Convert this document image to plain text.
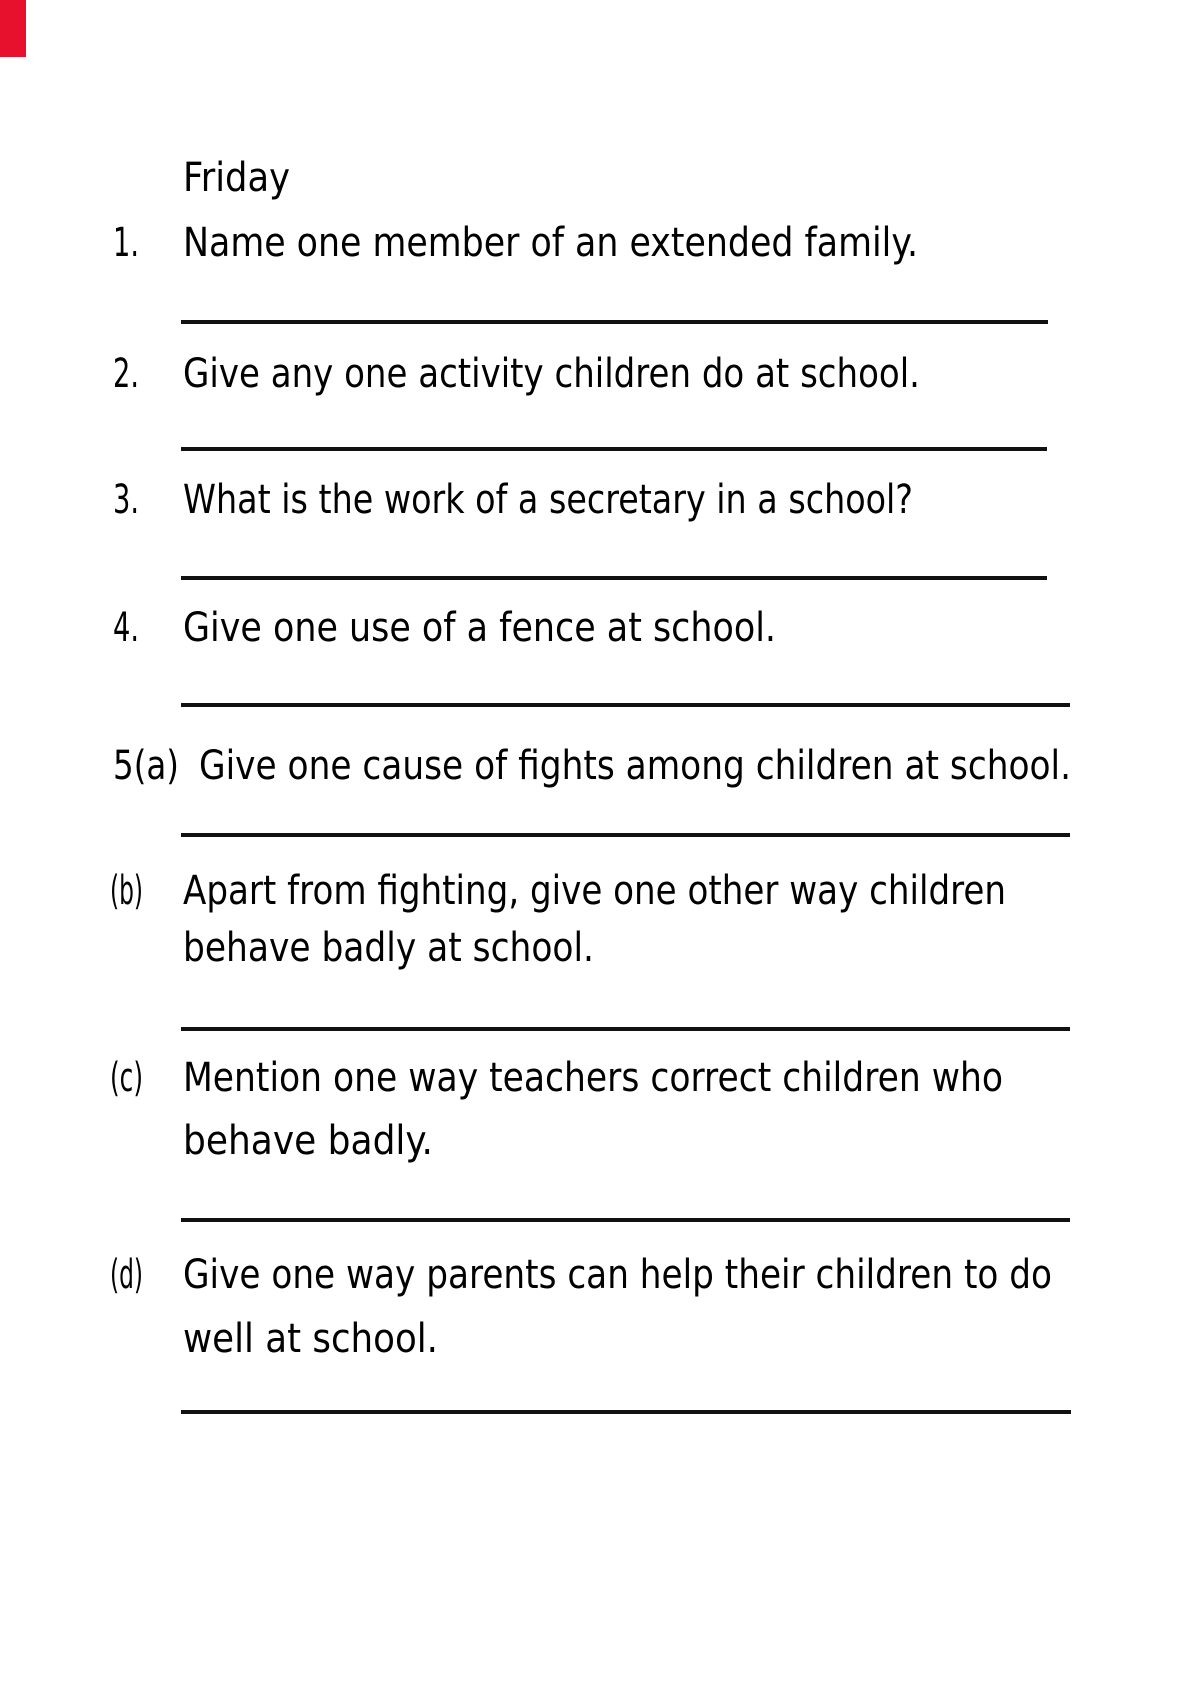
Friday
1. Name one member of an extended family.
2. Give any one activity children do at school.
3. What is the work of a secretary in a school?
4. Give one use of a fence at school.
5(a) Give one cause of fights among children at school.
(b) Apart from fighting, give one other way children
behave badly at school.
(c) Mention one way teachers correct children who
behave badly.
(d) Give one way parents can help their children to do
well at school.
